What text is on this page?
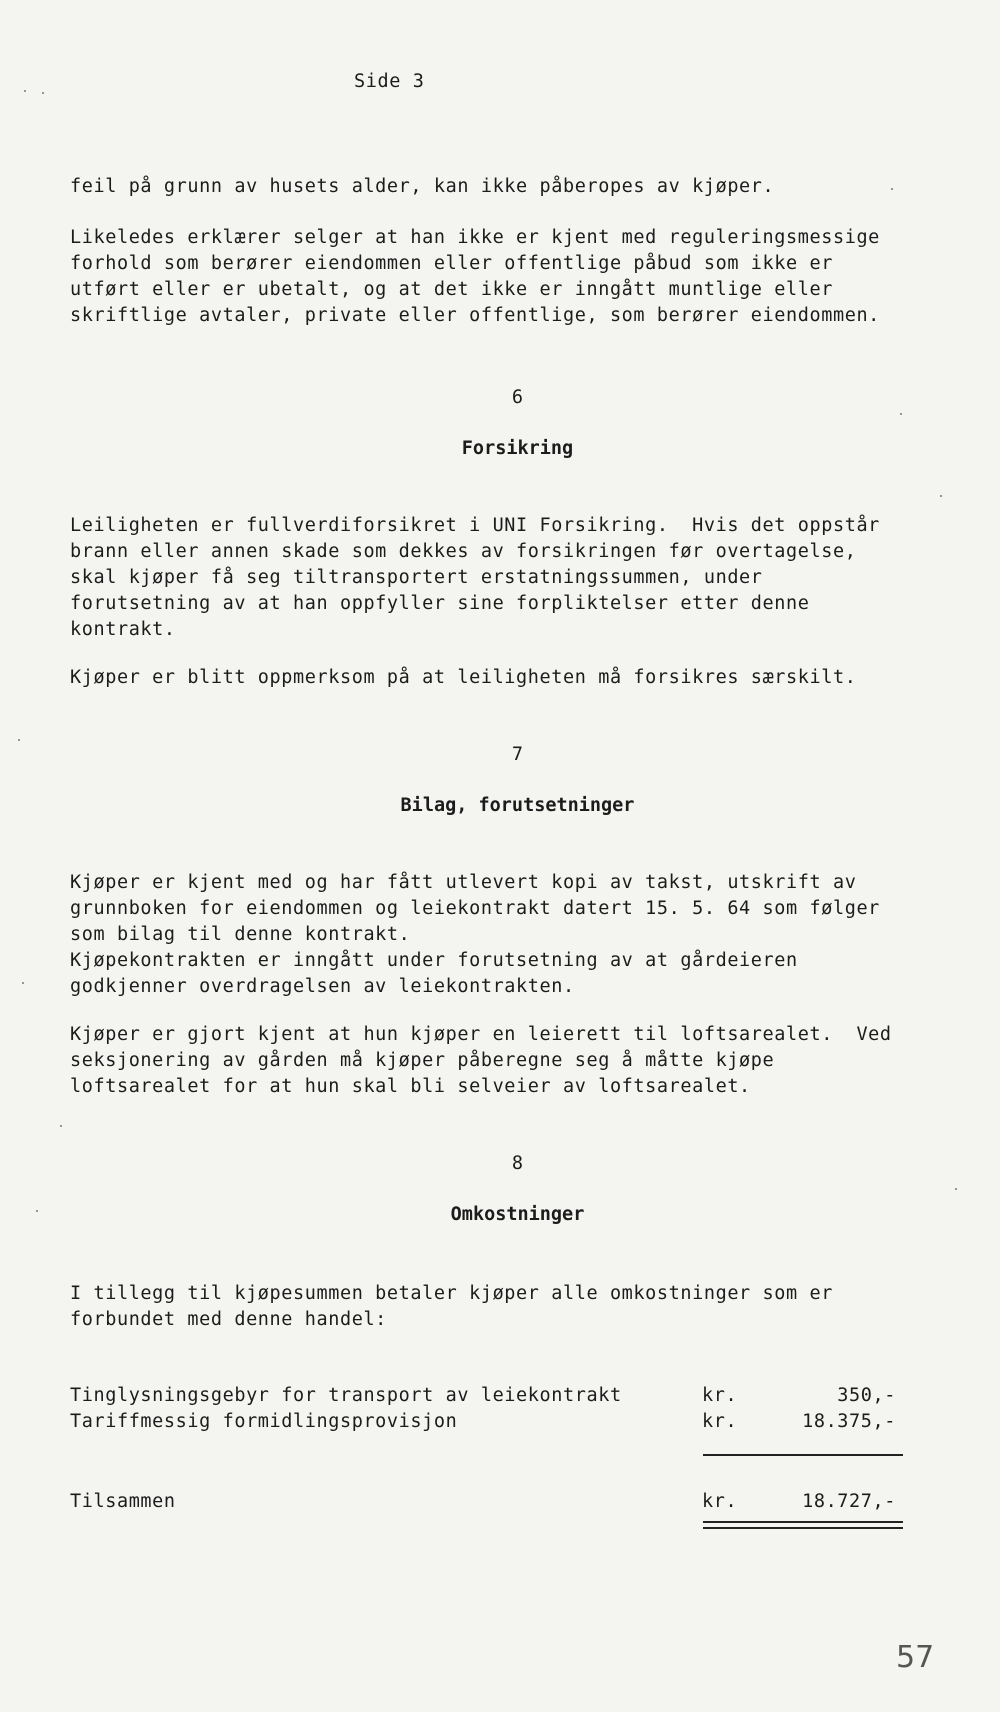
Side 3
feil på grunn av husets alder, kan ikke påberopes av kjøper.
Likeledes erklærer selger at han ikke er kjent med reguleringsmessige
forhold som berører eiendommen eller offentlige påbud som ikke er
utført eller er ubetalt, og at det ikke er inngått muntlige eller
skriftlige avtaler, private eller offentlige, som berører eiendommen.
6
Forsikring
Leiligheten er fullverdiforsikret i UNI Forsikring.  Hvis det oppstår
brann eller annen skade som dekkes av forsikringen før overtagelse,
skal kjøper få seg tiltransportert erstatningssummen, under
forutsetning av at han oppfyller sine forpliktelser etter denne
kontrakt.
Kjøper er blitt oppmerksom på at leiligheten må forsikres særskilt.
7
Bilag, forutsetninger
Kjøper er kjent med og har fått utlevert kopi av takst, utskrift av
grunnboken for eiendommen og leiekontrakt datert 15. 5. 64 som følger
som bilag til denne kontrakt.
Kjøpekontrakten er inngått under forutsetning av at gårdeieren
godkjenner overdragelsen av leiekontrakten.
Kjøper er gjort kjent at hun kjøper en leierett til loftsarealet.  Ved
seksjonering av gården må kjøper påberegne seg å måtte kjøpe
loftsarealet for at hun skal bli selveier av loftsarealet.
8
Omkostninger
I tillegg til kjøpesummen betaler kjøper alle omkostninger som er
forbundet med denne handel:
Tinglysningsgebyr for transport av leiekontrakt	kr.	350,-
Tariffmessig formidlingsprovisjon	kr.	18.375,-
Tilsammen	kr.	18.727,-
57
